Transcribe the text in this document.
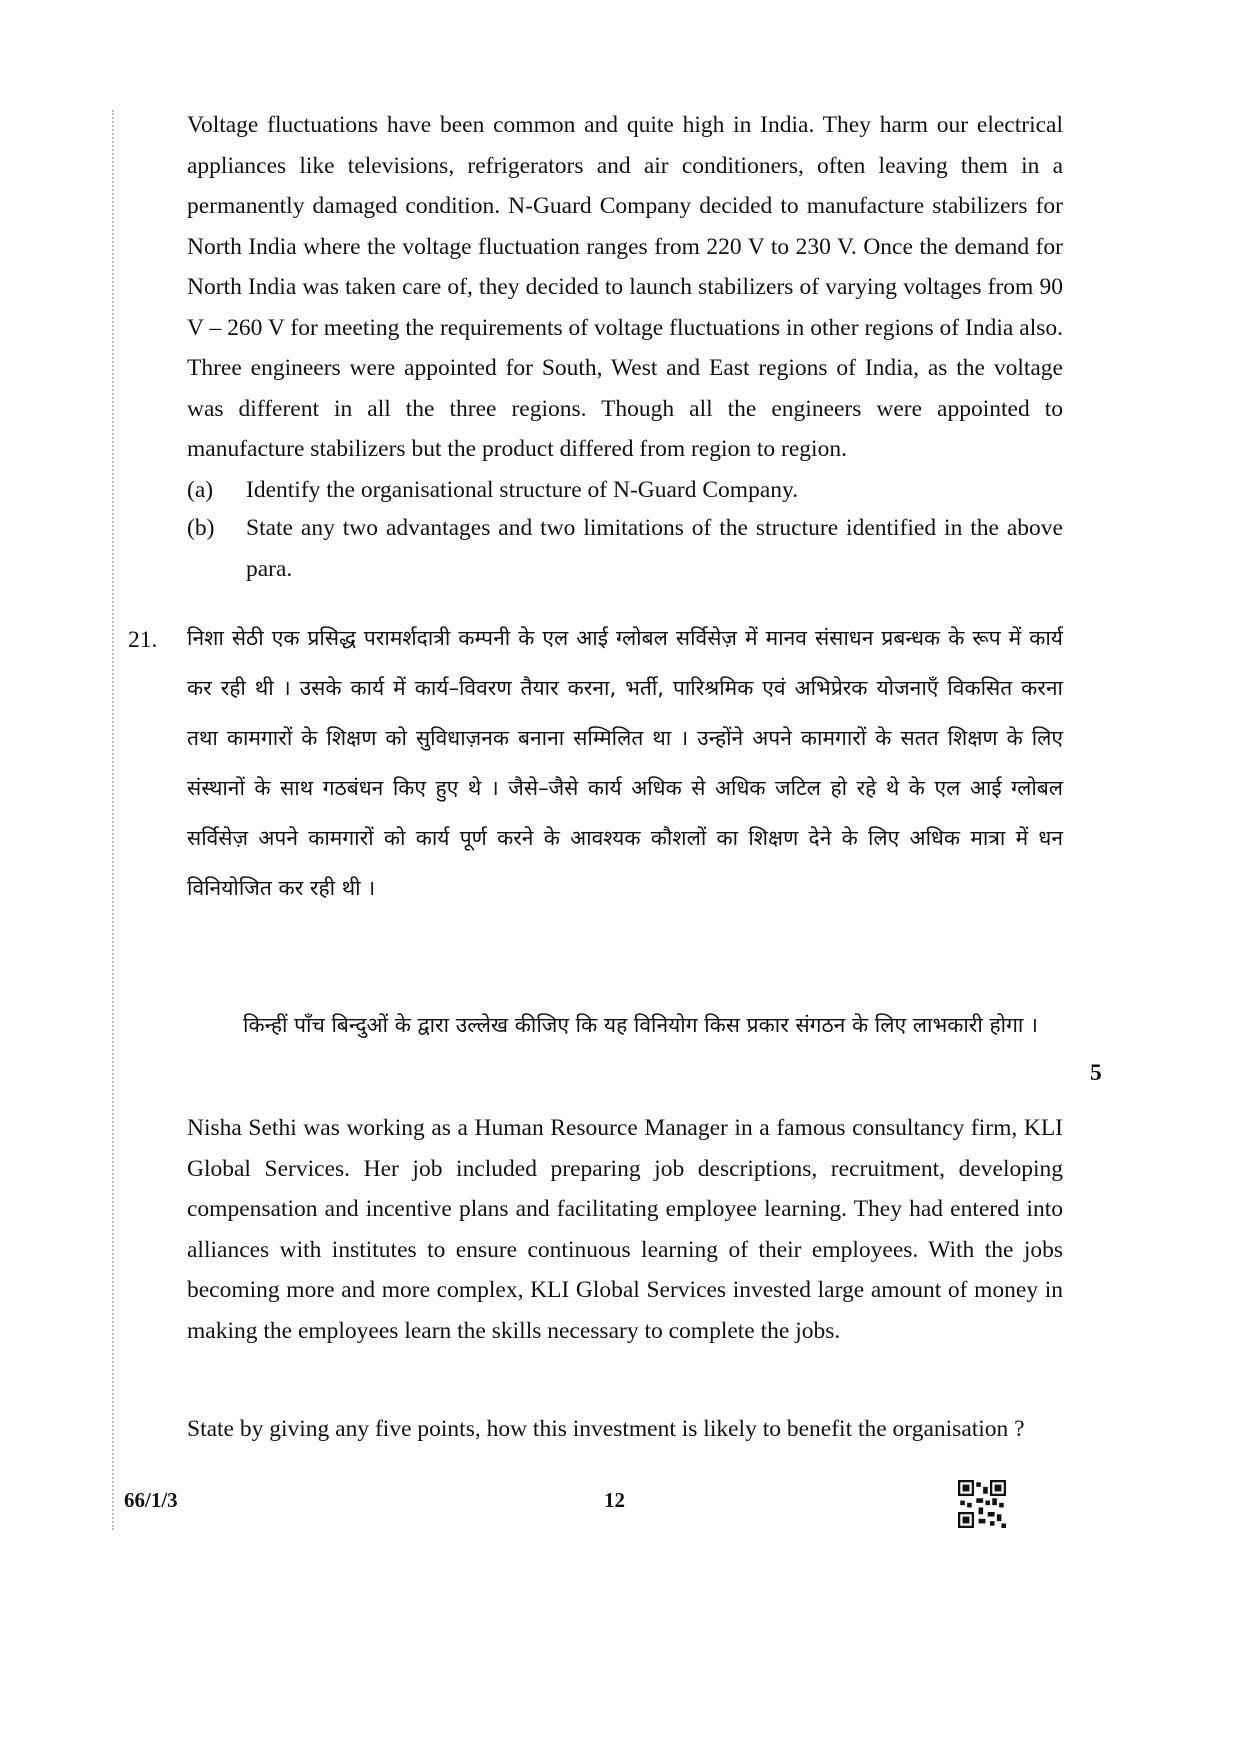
Voltage fluctuations have been common and quite high in India. They harm our electrical appliances like televisions, refrigerators and air conditioners, often leaving them in a permanently damaged condition. N-Guard Company decided to manufacture stabilizers for North India where the voltage fluctuation ranges from 220 V to 230 V. Once the demand for North India was taken care of, they decided to launch stabilizers of varying voltages from 90 V – 260 V for meeting the requirements of voltage fluctuations in other regions of India also. Three engineers were appointed for South, West and East regions of India, as the voltage was different in all the three regions. Though all the engineers were appointed to manufacture stabilizers but the product differed from region to region.

(a) Identify the organisational structure of N-Guard Company.
(b) State any two advantages and two limitations of the structure identified in the above para.
21. निशा सेठी एक प्रसिद्ध परामर्शदात्री कम्पनी के एल आई ग्लोबल सर्विसेज़ में मानव संसाधन प्रबन्धक के रूप में कार्य कर रही थी । उसके कार्य में कार्य–विवरण तैयार करना, भर्ती, पारिश्रमिक एवं अभिप्रेरक योजनाएँ विकसित करना तथा कामगारों के शिक्षण को सुविधाज़नक बनाना सम्मिलित था । उन्होंने अपने कामगारों के सतत शिक्षण के लिए संस्थानों के साथ गठबंधन किए हुए थे । जैसे–जैसे कार्य अधिक से अधिक जटिल हो रहे थे के एल आई ग्लोबल सर्विसेज़ अपने कामगारों को कार्य पूर्ण करने के आवश्यक कौशलों का शिक्षण देने के लिए अधिक मात्रा में धन विनियोजित कर रही थी ।

किन्हीं पाँच बिन्दुओं के द्वारा उल्लेख कीजिए कि यह विनियोग किस प्रकार संगठन के लिए लाभकारी होगा ।

5

Nisha Sethi was working as a Human Resource Manager in a famous consultancy firm, KLI Global Services. Her job included preparing job descriptions, recruitment, developing compensation and incentive plans and facilitating employee learning. They had entered into alliances with institutes to ensure continuous learning of their employees. With the jobs becoming more and more complex, KLI Global Services invested large amount of money in making the employees learn the skills necessary to complete the jobs.

State by giving any five points, how this investment is likely to benefit the organisation ?

66/1/3	12
